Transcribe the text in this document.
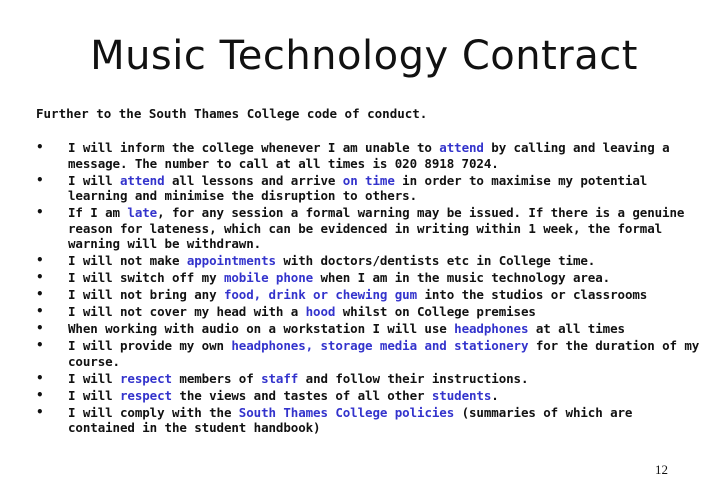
Music Technology Contract
Further to the South Thames College code of conduct.
• I will inform the college whenever I am unable to attend by calling and leaving a message. The number to call at all times is 020 8918 7024.
• I will attend all lessons and arrive on time in order to maximise my potential learning and minimise the disruption to others.
• If I am late, for any session a formal warning may be issued. If there is a genuine reason for lateness, which can be evidenced in writing within 1 week, the formal warning will be withdrawn.
• I will not make appointments with doctors/dentists etc in College time.
• I will switch off my mobile phone when I am in the music technology area.
• I will not bring any food, drink or chewing gum into the studios or classrooms
• I will not cover my head with a hood whilst on College premises
• When working with audio on a workstation I will use headphones at all times
• I will provide my own headphones, storage media and stationery for the duration of my course.
• I will respect members of staff and follow their instructions.
• I will respect the views and tastes of all other students.
• I will comply with the South Thames College policies (summaries of which are contained in the student handbook)
12
